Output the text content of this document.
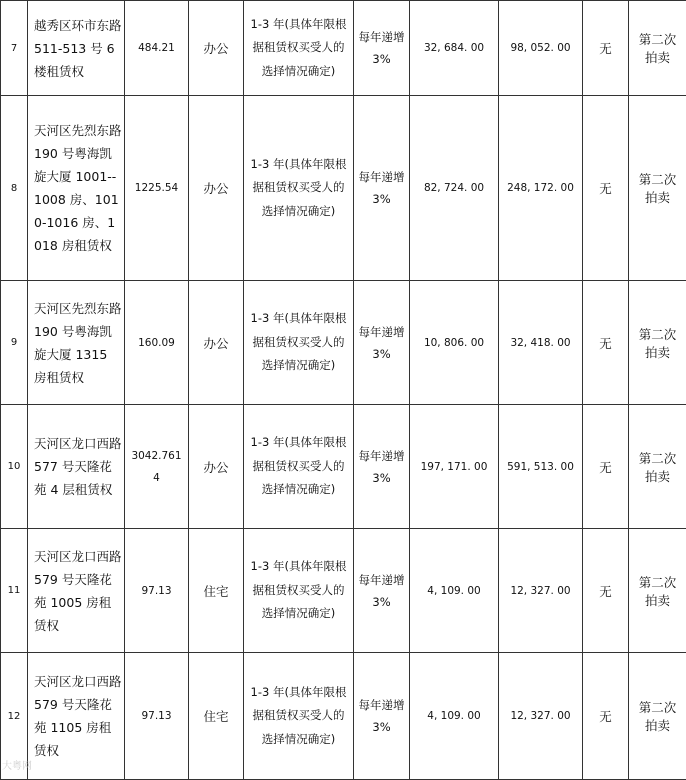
7	越秀区环市东路 511-513 号 6 楼租赁权	484.21	办公	1-3 年(具体年限根据租赁权买受人的选择情况确定)	每年递增 3%	32, 684. 00	98, 052. 00	无	第二次拍卖
8	天河区先烈东路 190 号粤海凯旋大厦 1001--1008 房、1010-1016 房、1018 房租赁权	1225.54	办公	1-3 年(具体年限根据租赁权买受人的选择情况确定)	每年递增 3%	82, 724. 00	248, 172. 00	无	第二次拍卖
9	天河区先烈东路 190 号粤海凯旋大厦 1315 房租赁权	160.09	办公	1-3 年(具体年限根据租赁权买受人的选择情况确定)	每年递增 3%	10, 806. 00	32, 418. 00	无	第二次拍卖
10	天河区龙口西路 577 号天隆花苑 4 层租赁权	3042.7614	办公	1-3 年(具体年限根据租赁权买受人的选择情况确定)	每年递增 3%	197, 171. 00	591, 513. 00	无	第二次拍卖
11	天河区龙口西路 579 号天隆花苑 1005 房租赁权	97.13	住宅	1-3 年(具体年限根据租赁权买受人的选择情况确定)	每年递增 3%	4, 109. 00	12, 327. 00	无	第二次拍卖
12	天河区龙口西路 579 号天隆花苑 1105 房租赁权	97.13	住宅	1-3 年(具体年限根据租赁权买受人的选择情况确定)	每年递增 3%	4, 109. 00	12, 327. 00	无	第二次拍卖
大粤网
